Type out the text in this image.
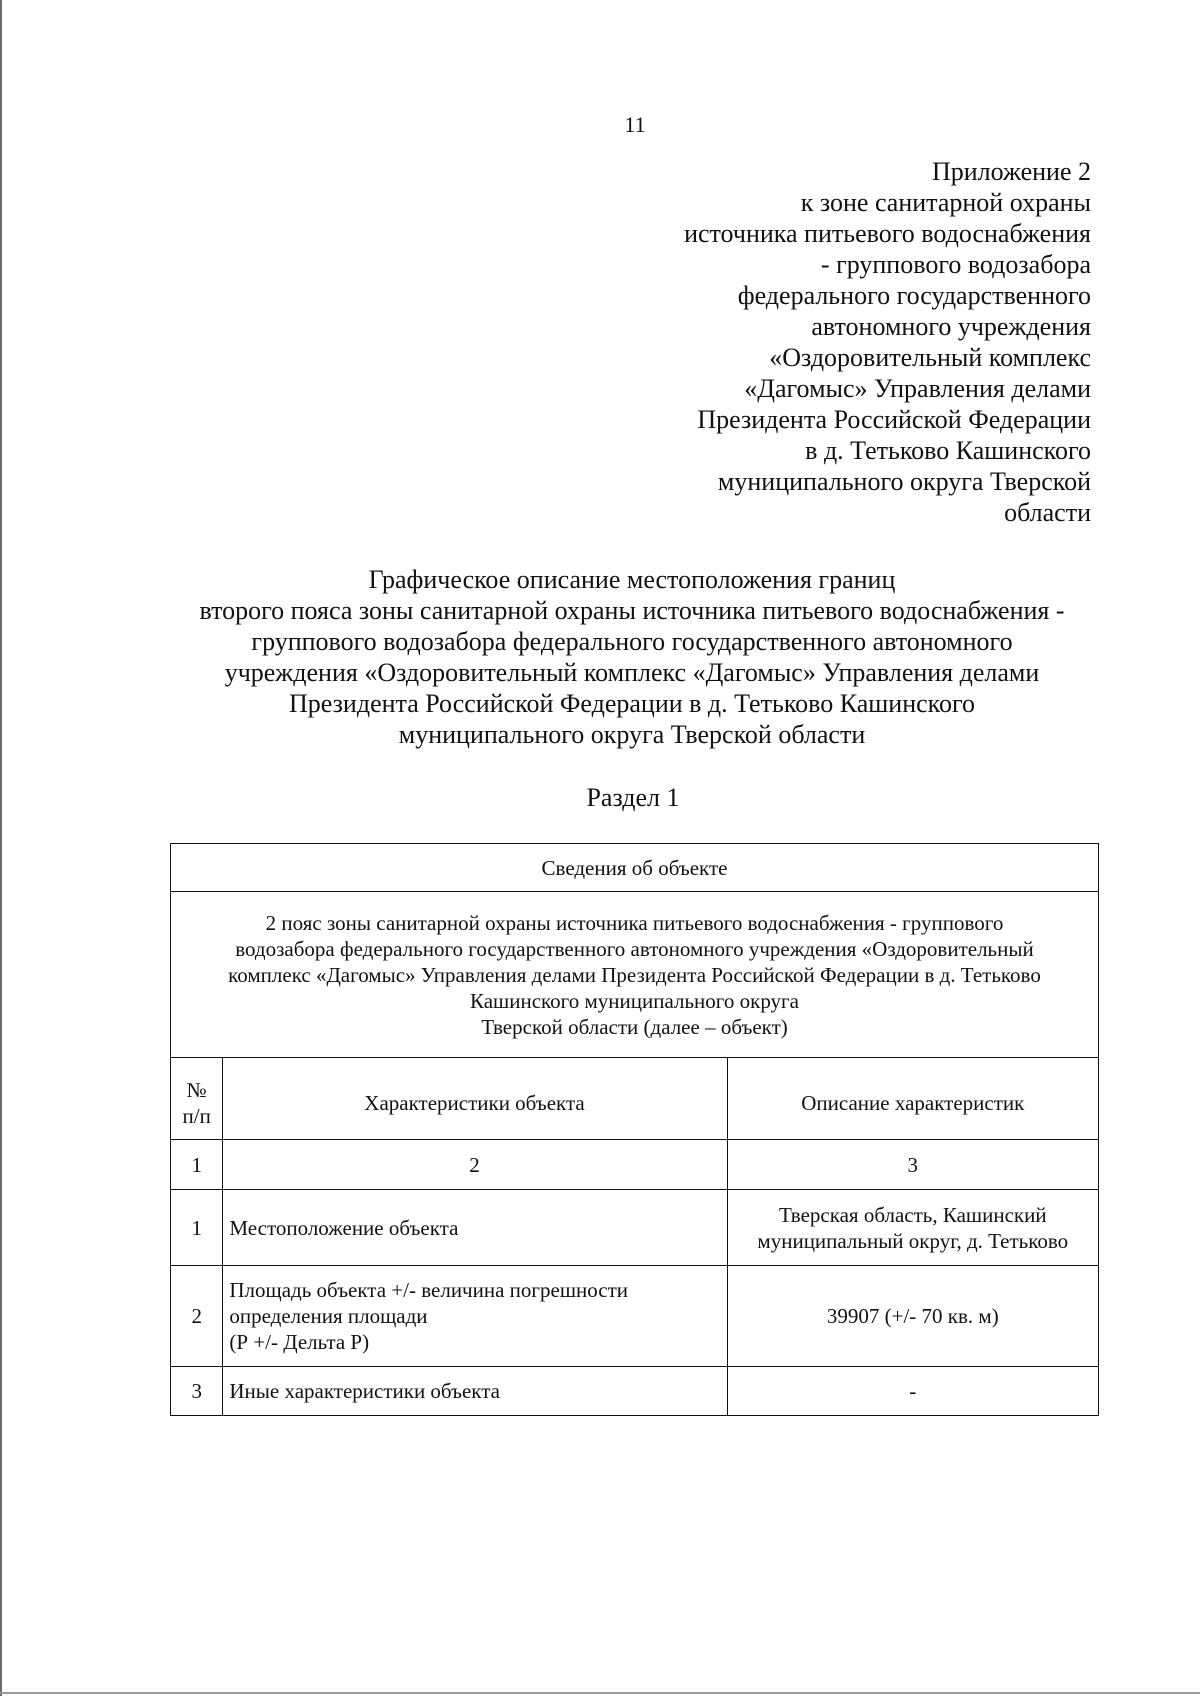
11
Приложение 2
к зоне санитарной охраны
источника питьевого водоснабжения
- группового водозабора
федерального государственного
автономного учреждения
«Оздоровительный комплекс
«Дагомыс» Управления делами
Президента Российской Федерации
в д. Тетьково Кашинского
муниципального округа Тверской
области
Графическое описание местоположения границ
второго пояса зоны санитарной охраны источника питьевого водоснабжения -
группового водозабора федерального государственного автономного
учреждения «Оздоровительный комплекс «Дагомыс» Управления делами
Президента Российской Федерации в д. Тетьково Кашинского
муниципального округа Тверской области
Раздел 1
Сведения об объекте		

2 пояс зоны санитарной охраны источника питьевого водоснабжения - группового
водозабора федерального государственного автономного учреждения «Оздоровительный
комплекс «Дагомыс» Управления делами Президента Российской Федерации в д. Тетьково
Кашинского муниципального округа
Тверской области (далее – объект)		

№
п/п	Характеристики объекта	Описание характеристик
1	2	3
1	Местоположение объекта	Тверская область, Кашинский
муниципальный округ, д. Тетьково

2	Площадь объекта +/- величина погрешности
определения площади
(Р +/- Дельта Р)	39907 (+/- 70 кв. м)

3	Иные характеристики объекта	-
